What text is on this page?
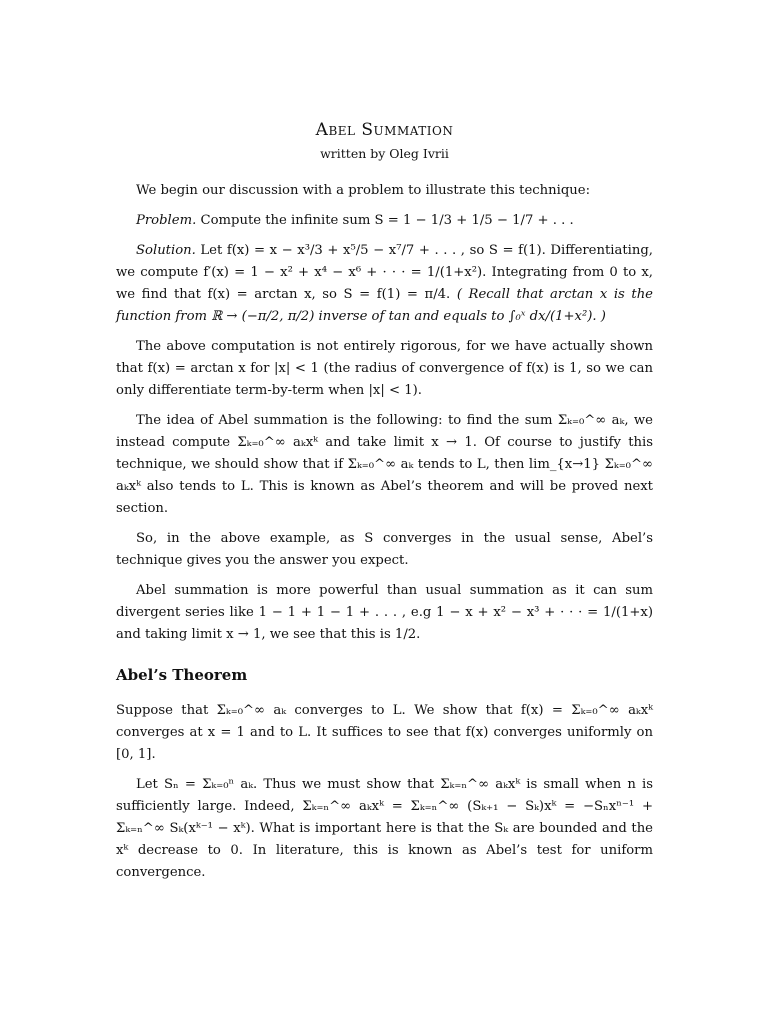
Abel Summation
written by Oleg Ivrii

We begin our discussion with a problem to illustrate this technique:

Problem. Compute the infinite sum S = 1 − 1/3 + 1/5 − 1/7 + . . .

Solution. Let f(x) = x − x³/3 + x⁵/5 − x⁷/7 + . . . , so S = f(1). Differentiating, we compute f′(x) = 1 − x² + x⁴ − x⁶ + · · · = 1/(1+x²). Integrating from 0 to x, we find that f(x) = arctan x, so S = f(1) = π/4. ( Recall that arctan x is the function from ℝ → (−π/2, π/2) inverse of tan and equals to ∫₀ˣ dx/(1+x²). )

The above computation is not entirely rigorous, for we have actually shown that f(x) = arctan x for |x| < 1 (the radius of convergence of f(x) is 1, so we can only differentiate term-by-term when |x| < 1).

The idea of Abel summation is the following: to find the sum Σₖ₌₀^∞ aₖ, we instead compute Σₖ₌₀^∞ aₖxᵏ and take limit x → 1. Of course to justify this technique, we should show that if Σₖ₌₀^∞ aₖ tends to L, then lim_{x→1} Σₖ₌₀^∞ aₖxᵏ also tends to L. This is known as Abel’s theorem and will be proved next section.

So, in the above example, as S converges in the usual sense, Abel’s technique gives you the answer you expect.

Abel summation is more powerful than usual summation as it can sum divergent series like 1 − 1 + 1 − 1 + . . . , e.g 1 − x + x² − x³ + · · · = 1/(1+x) and taking limit x → 1, we see that this is 1/2.

Abel’s Theorem

Suppose that Σₖ₌₀^∞ aₖ converges to L. We show that f(x) = Σₖ₌₀^∞ aₖxᵏ converges at x = 1 and to L. It suffices to see that f(x) converges uniformly on [0, 1].

Let Sₙ = Σₖ₌₀ⁿ aₖ. Thus we must show that Σₖ₌ₙ^∞ aₖxᵏ is small when n is sufficiently large. Indeed, Σₖ₌ₙ^∞ aₖxᵏ = Σₖ₌ₙ^∞ (Sₖ₊₁ − Sₖ)xᵏ = −Sₙxⁿ⁻¹ + Σₖ₌ₙ^∞ Sₖ(xᵏ⁻¹ − xᵏ). What is important here is that the Sₖ are bounded and the xᵏ decrease to 0. In literature, this is known as Abel’s test for uniform convergence.
